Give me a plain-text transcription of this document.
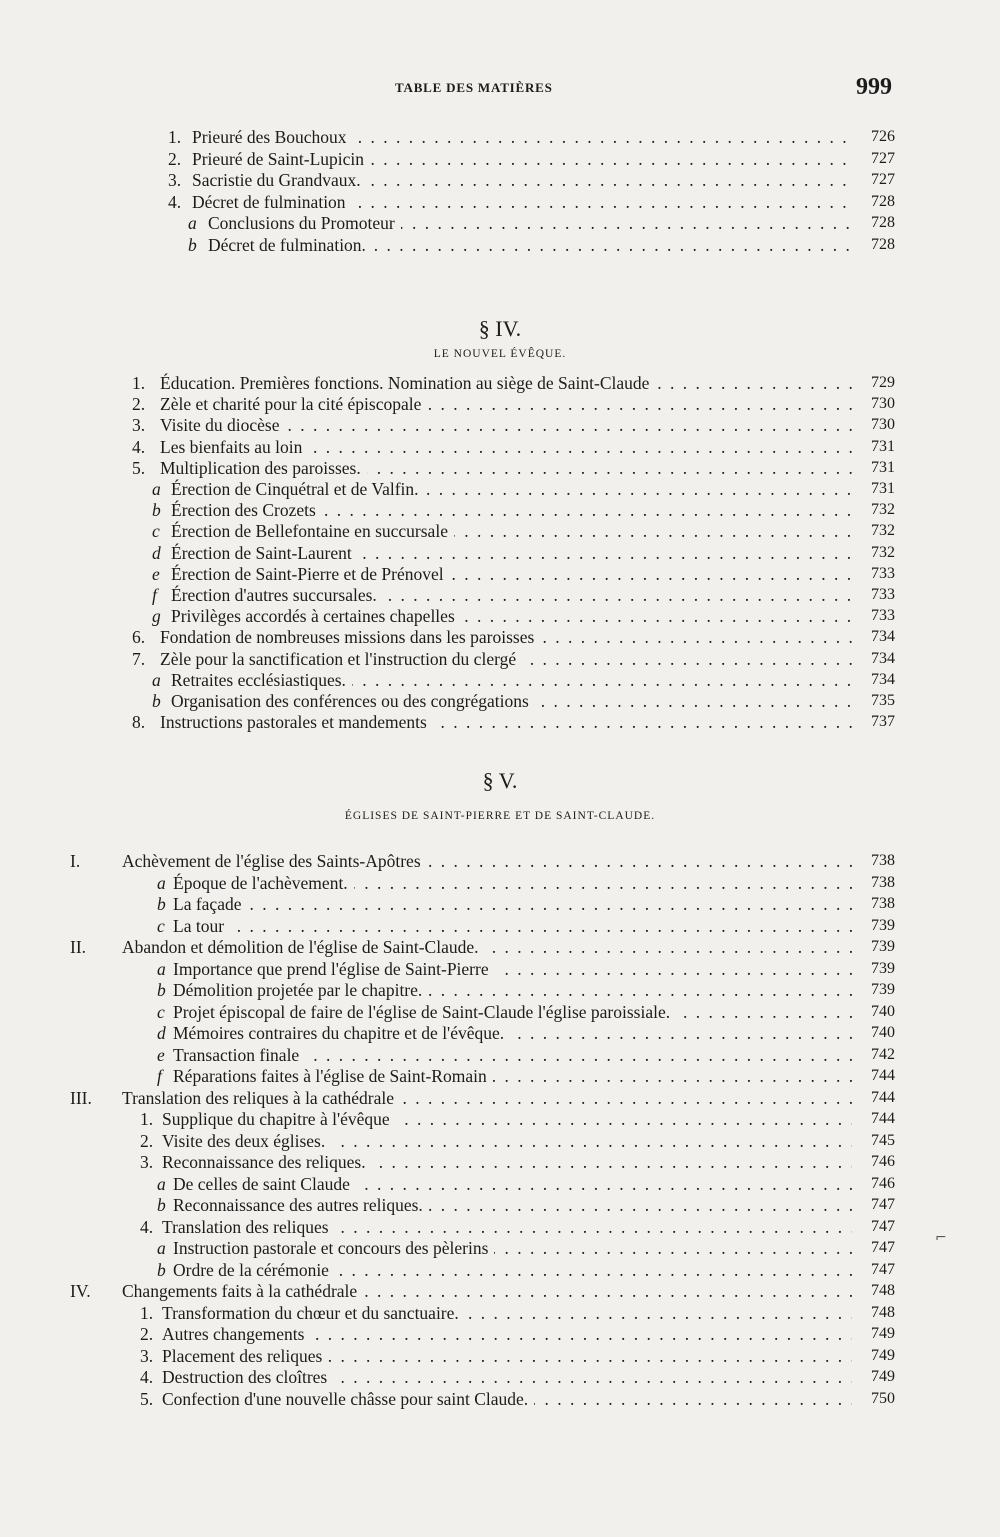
TABLE DES MATIÈRES	999
1. Prieuré des Bouchoux . . .	726
2. Prieuré de Saint-Lupicin . . .	727
3. Sacristie du Grandvaux. . . .	727
4. Décret de fulmination . . .	728
a Conclusions du Promoteur . . .	728
b Décret de fulmination. . . .	728
1. Éducation. Premières fonctions. Nomination au siège de Saint-Claude . . .	729
2. Zèle et charité pour la cité épiscopale . . .	730
3. Visite du diocèse . . .	730
4. Les bienfaits au loin . . .	731
5. Multiplication des paroisses. . . .	731
a Érection de Cinquétral et de Valfin. . . .	731
b Érection des Crozets . . .	732
c Érection de Bellefontaine en succursale . . .	732
d Érection de Saint-Laurent . . .	732
e Érection de Saint-Pierre et de Prénovel . . .	733
f Érection d'autres succursales. . . .	733
g Privilèges accordés à certaines chapelles . . .	733
6. Fondation de nombreuses missions dans les paroisses . . .	734
7. Zèle pour la sanctification et l'instruction du clergé . . .	734
a Retraites ecclésiastiques. . . .	734
b Organisation des conférences ou des congrégations . . .	735
8. Instructions pastorales et mandements . . .	737
I.	Achèvement de l'église des Saints-Apôtres . . .	738
a Époque de l'achèvement. . . .	738
b La façade . . .	738
c La tour . . .	739
II.	Abandon et démolition de l'église de Saint-Claude. . . .	739
a Importance que prend l'église de Saint-Pierre . . .	739
b Démolition projetée par le chapitre. . . .	739
c Projet épiscopal de faire de l'église de Saint-Claude l'église paroissiale. . . .	740
d Mémoires contraires du chapitre et de l'évêque. . . .	740
e Transaction finale . . .	742
f Réparations faites à l'église de Saint-Romain . . .	744
III. Translation des reliques à la cathédrale . . .	744
1. Supplique du chapitre à l'évêque . . .	744
2. Visite des deux églises. . . .	745
3. Reconnaissance des reliques. . . .	746
a De celles de saint Claude . . .	746
b Reconnaissance des autres reliques. . . .	747
4. Translation des reliques . . .	747
a Instruction pastorale et concours des pèlerins . . .	747
b Ordre de la cérémonie . . .	747
IV.	Changements faits à la cathédrale . . .	748
1. Transformation du chœur et du sanctuaire. . . .	748
2. Autres changements . . .	749
3. Placement des reliques . . .	749
4. Destruction des cloîtres . . .	749
5. Confection d'une nouvelle châsse pour saint Claude. . . .	750
§ IV.
LE NOUVEL ÉVÊQUE.
§ V.
ÉGLISES DE SAINT-PIERRE ET DE SAINT-CLAUDE.
⌐
